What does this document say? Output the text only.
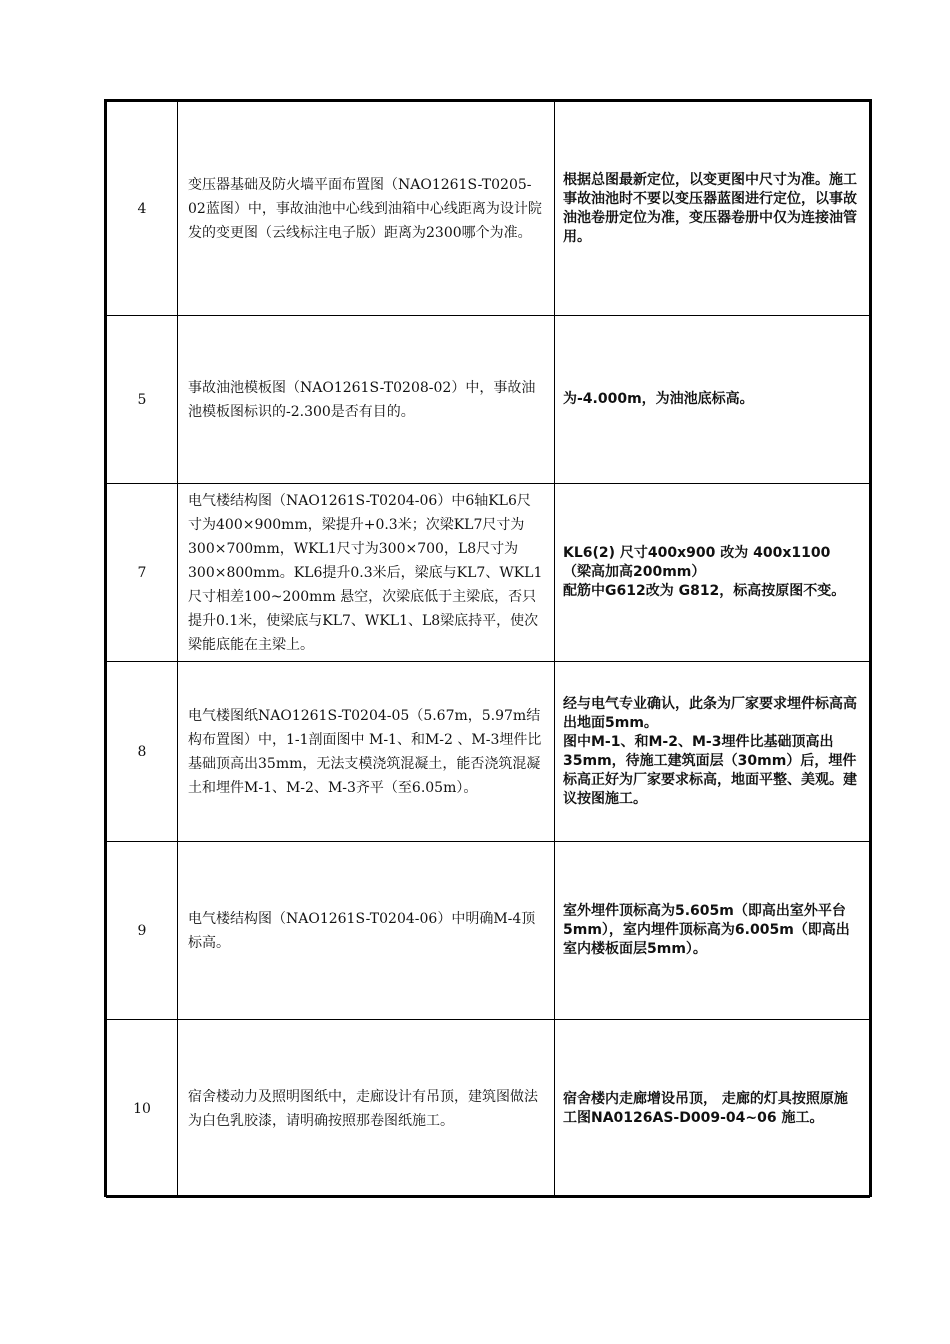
4	变压器基础及防火墙平面布置图（NAO1261S-T0205-02蓝图）中，事故油池中心线到油箱中心线距离为设计院发的变更图（云线标注电子版）距离为2300哪个为准。	根据总图最新定位，以变更图中尺寸为准。施工事故油池时不要以变压器蓝图进行定位，以事故油池卷册定位为准，变压器卷册中仅为连接油管用。

5	事故油池模板图（NAO1261S-T0208-02）中，事故油池模板图标识的-2.300是否有目的。	为-4.000m，为油池底标高。

7	电气楼结构图（NAO1261S-T0204-06）中6轴KL6尺寸为400×900mm，梁提升+0.3米；次梁KL7尺寸为300×700mm，WKL1尺寸为300×700，L8尺寸为300×800mm。KL6提升0.3米后，梁底与KL7、WKL1尺寸相差100~200mm 悬空，次梁底低于主梁底，否只提升0.1米，使梁底与KL7、WKL1、L8梁底持平，使次梁能底能在主梁上。	KL6(2) 尺寸400x900 改为 400x1100 （梁高加高200mm）
配筋中G612改为 G812，标高按原图不变。

8	电气楼图纸NAO1261S-T0204-05（5.67m，5.97m结构布置图）中，1-1剖面图中 M-1、和M-2 、M-3埋件比基础顶高出35mm，无法支模浇筑混凝土，能否浇筑混凝土和埋件M-1、M-2、M-3齐平（至6.05m）。	经与电气专业确认，此条为厂家要求埋件标高高出地面5mm。
图中M-1、和M-2、M-3埋件比基础顶高出35mm，待施工建筑面层（30mm）后，埋件标高正好为厂家要求标高，地面平整、美观。建议按图施工。

9	电气楼结构图（NAO1261S-T0204-06）中明确M-4顶标高。	室外埋件顶标高为5.605m（即高出室外平台5mm），室内埋件顶标高为6.005m（即高出室内楼板面层5mm）。

10	宿舍楼动力及照明图纸中，走廊设计有吊顶，建筑图做法为白色乳胶漆，请明确按照那卷图纸施工。	宿舍楼内走廊增设吊顶， 走廊的灯具按照原施工图NA0126AS-D009-04~06 施工。
